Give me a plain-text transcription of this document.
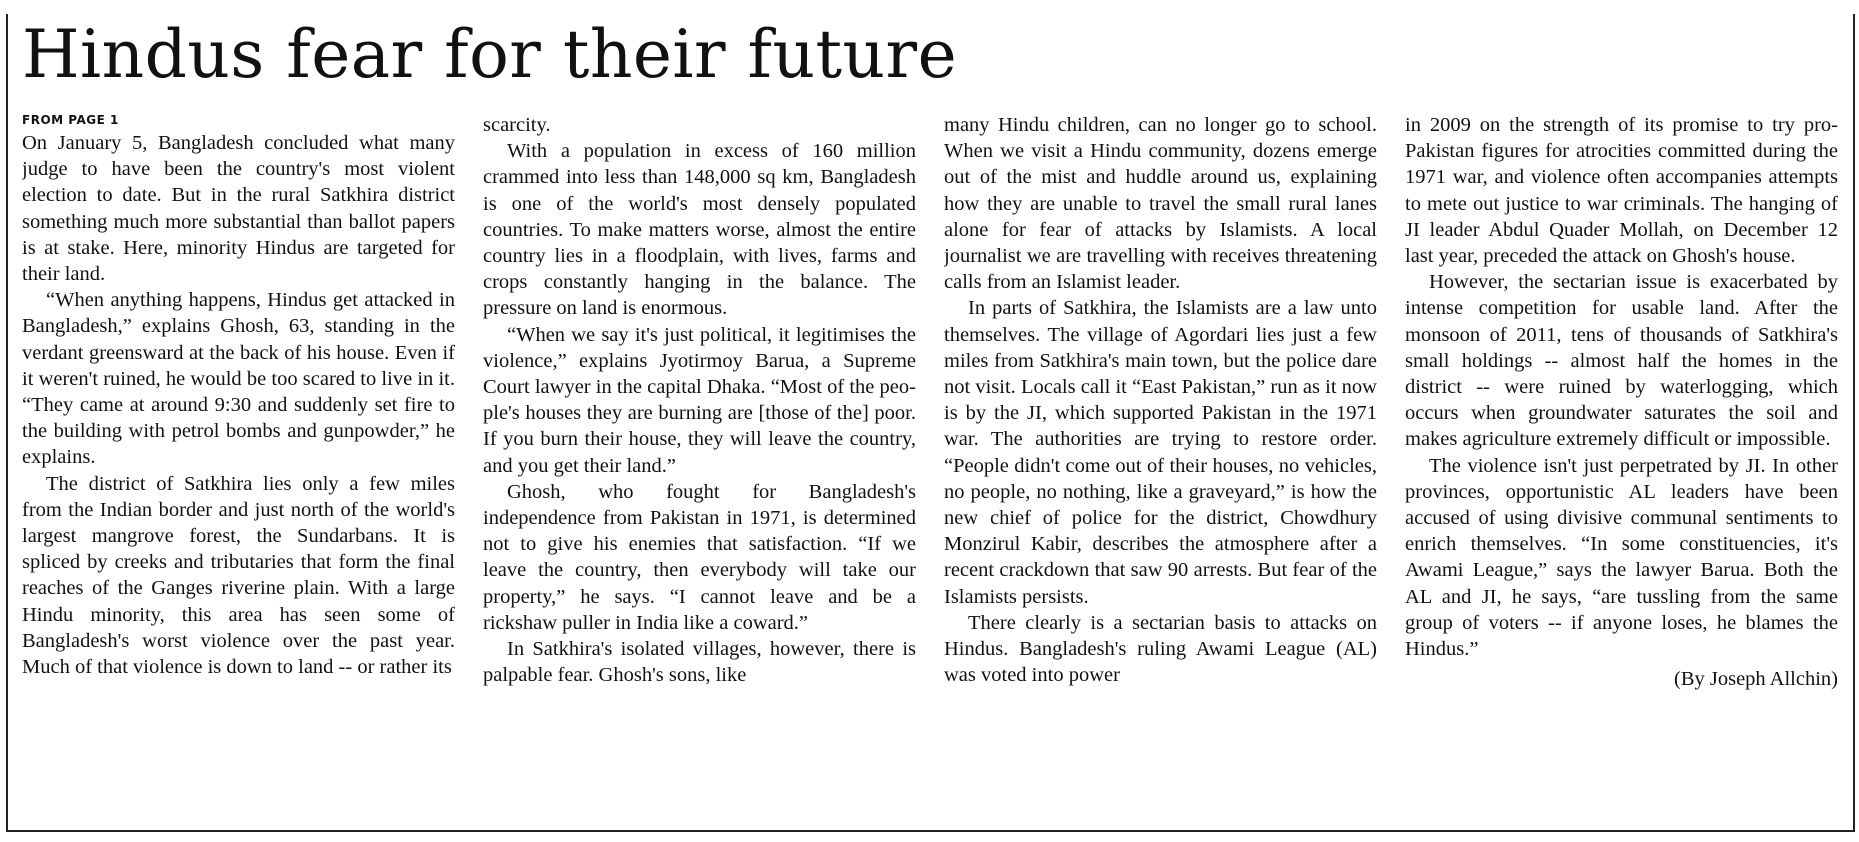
Hindus fear for their future
FROM PAGE 1

On January 5, Bangladesh concluded what many judge to have been the country's most violent election to date. But in the rural Satkhira district something much more substantial than ballot papers is at stake. Here, minority Hindus are targeted for their land.

“When anything happens, Hindus get attacked in Bangladesh,” explains Ghosh, 63, standing in the verdant greensward at the back of his house. Even if it weren't ruined, he would be too scared to live in it. “They came at around 9:30 and suddenly set fire to the building with petrol bombs and gunpowder,” he explains.

The district of Satkhira lies only a few miles from the Indian border and just north of the world's largest mangrove forest, the Sundarbans. It is spliced by creeks and tributaries that form the final reaches of the Ganges riverine plain. With a large Hindu minority, this area has seen some of Bangladesh's worst violence over the past year. Much of that violence is down to land -- or rather its

scarcity.

With a population in excess of 160 million crammed into less than 148,000 sq km, Bangladesh is one of the world's most densely populated countries. To make matters worse, almost the entire country lies in a floodplain, with lives, farms and crops constantly hanging in the balance. The pressure on land is enormous.

“When we say it's just political, it legitimises the violence,” explains Jyotirmoy Barua, a Supreme Court lawyer in the capital Dhaka. “Most of the people's houses they are burning are [those of the] poor. If you burn their house, they will leave the country, and you get their land.”

Ghosh, who fought for Bangladesh's independence from Pakistan in 1971, is determined not to give his enemies that satisfaction. “If we leave the country, then everybody will take our property,” he says. “I cannot leave and be a rickshaw puller in India like a coward.”

In Satkhira's isolated villages, however, there is palpable fear. Ghosh's sons, like

many Hindu children, can no longer go to school. When we visit a Hindu community, dozens emerge out of the mist and huddle around us, explaining how they are unable to travel the small rural lanes alone for fear of attacks by Islamists. A local journalist we are travelling with receives threatening calls from an Islamist leader.

In parts of Satkhira, the Islamists are a law unto themselves. The village of Agordari lies just a few miles from Satkhira's main town, but the police dare not visit. Locals call it “East Pakistan,” run as it now is by the JI, which supported Pakistan in the 1971 war. The authorities are trying to restore order. “People didn't come out of their houses, no vehicles, no people, no nothing, like a graveyard,” is how the new chief of police for the district, Chowdhury Monzirul Kabir, describes the atmosphere after a recent crackdown that saw 90 arrests. But fear of the Islamists persists.

There clearly is a sectarian basis to attacks on Hindus. Bangladesh's ruling Awami League (AL) was voted into power

in 2009 on the strength of its promise to try pro-Pakistan figures for atrocities committed during the 1971 war, and violence often accompanies attempts to mete out justice to war criminals. The hanging of JI leader Abdul Quader Mollah, on December 12 last year, preceded the attack on Ghosh's house.

However, the sectarian issue is exacerbated by intense competition for usable land. After the monsoon of 2011, tens of thousands of Satkhira's small holdings -- almost half the homes in the district -- were ruined by waterlogging, which occurs when groundwater saturates the soil and makes agriculture extremely difficult or impossible.

The violence isn't just perpetrated by JI. In other provinces, opportunistic AL leaders have been accused of using divisive communal sentiments to enrich themselves. “In some constituencies, it's Awami League,” says the lawyer Barua. Both the AL and JI, he says, “are tussling from the same group of voters -- if anyone loses, he blames the Hindus.”

(By Joseph Allchin)
